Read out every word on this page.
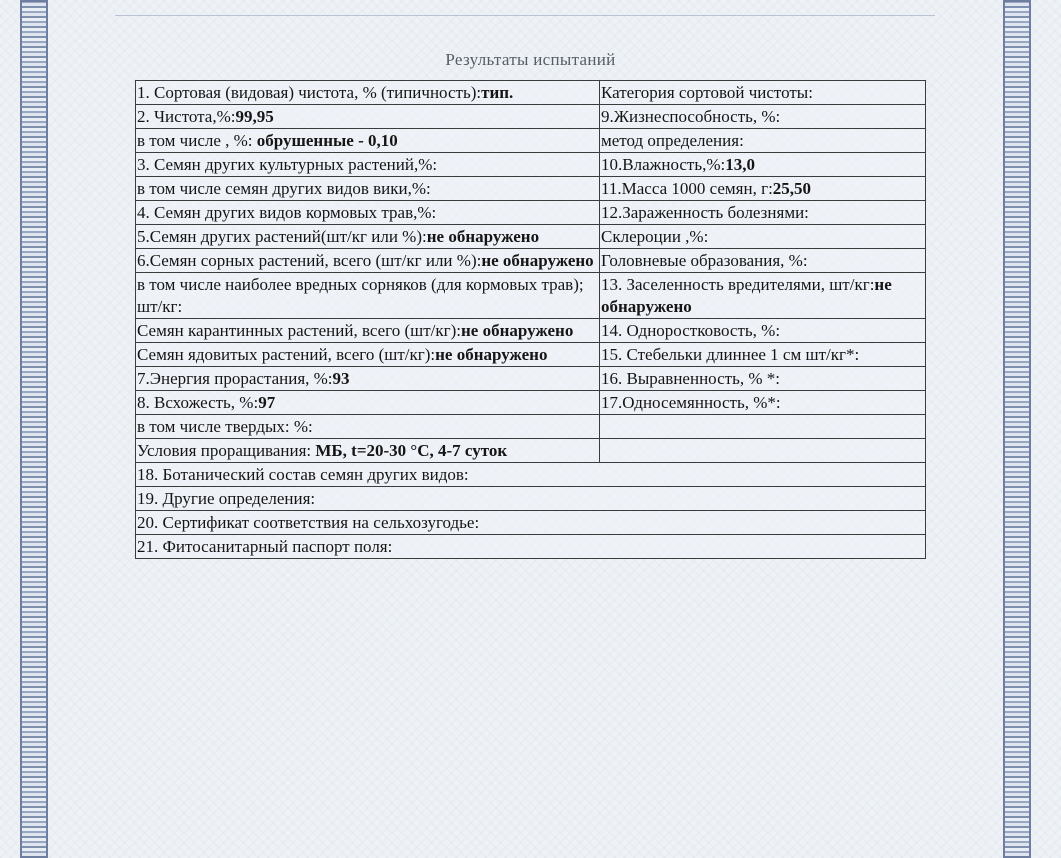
Результаты испытаний
1. Сортовая (видовая) чистота, % (типичность):тип.	Категория сортовой чистоты:
2. Чистота,%:99,95	9.Жизнеспособность, %:
в том числе , %: обрушенные - 0,10	метод определения:
3. Семян других культурных растений,%:	10.Влажность,%:13,0
в том числе семян других видов вики,%:	11.Масса 1000 семян, г:25,50
4. Семян других видов кормовых трав,%:	12.Зараженность болезнями:
5.Семян других растений(шт/кг или %):не обнаружено	Склероции ,%:
6.Семян сорных растений, всего (шт/кг или %):не обнаружено	Головневые образования, %:
в том числе наиболее вредных сорняков (для кормовых трав); шт/кг:	13. Заселенность вредителями, шт/кг:не обнаружено
Семян карантинных растений, всего (шт/кг):не обнаружено	14. Одноростковость, %:
Семян ядовитых растений, всего (шт/кг):не обнаружено	15. Стебельки длиннее 1 см шт/кг*:
7.Энергия прорастания, %:93	16. Выравненность, % *:
8. Всхожесть, %:97	17.Односемянность, %*:
в том числе твердых: %:	
Условия проращивания: МБ, t=20-30 °С, 4-7 суток	
18. Ботанический состав семян других видов:	
19. Другие определения:	
20. Сертификат соответствия на сельхозугодье:	
21. Фитосанитарный паспорт поля:	
